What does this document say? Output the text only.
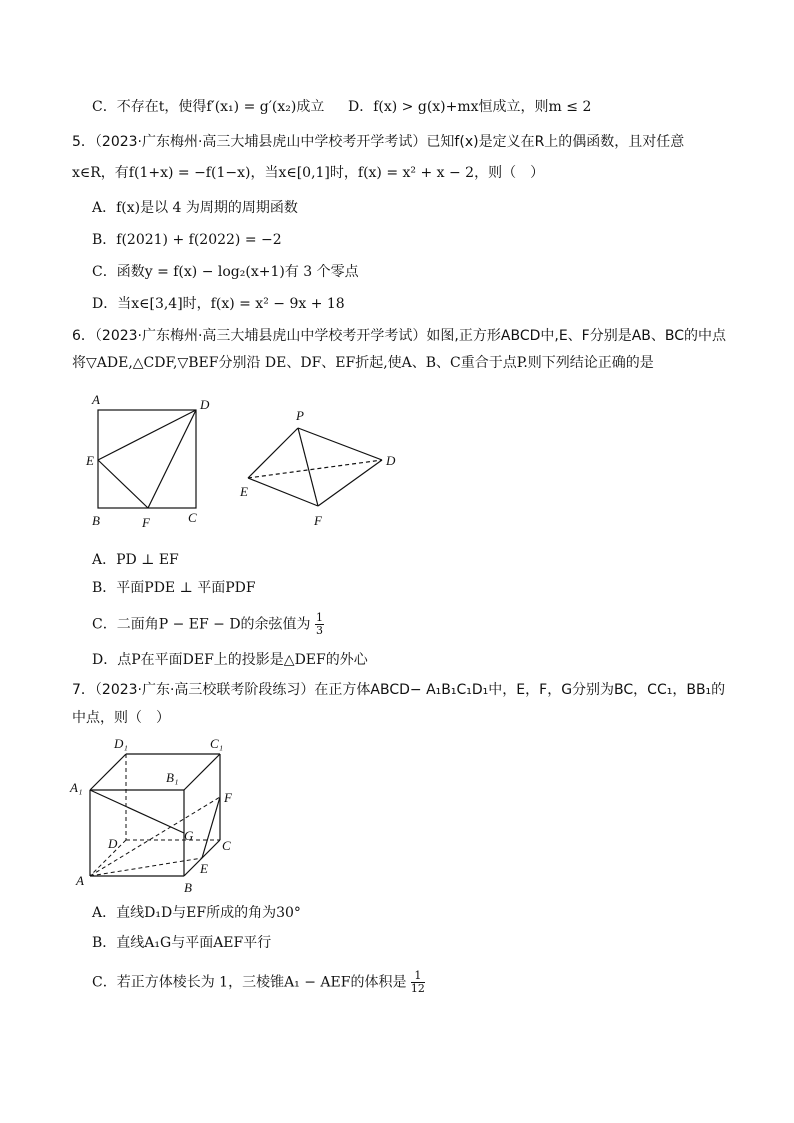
C．不存在t，使得f′(x₁) = g′(x₂)成立 D．f(x) > g(x)+mx恒成立，则m ≤ 2
5．（2023·广东梅州·高三大埔县虎山中学校考开学考试）已知f(x)是定义在R上的偶函数，且对任意
x∈R，有f(1+x) = −f(1−x)，当x∈[0,1]时，f(x) = x² + x − 2，则（　）
A．f(x)是以 4 为周期的周期函数
B．f(2021) + f(2022) = −2
C．函数y = f(x) − log₂(x+1)有 3 个零点
D．当x∈[3,4]时，f(x) = x² − 9x + 18
6．（2023·广东梅州·高三大埔县虎山中学校考开学考试）如图,正方形ABCD中,E、F分别是AB、BC的中点
将▽ADE,△CDF,▽BEF分别沿 DE、DF、EF折起,使A、B、C重合于点P.则下列结论正确的是
A	D
E
B	F	C
P
D
E
F
A．PD ⊥ EF
B．平面PDE ⊥ 平面PDF
C．二面角P − EF − D的余弦值为 $\frac{1}{3}$
D．点P在平面DEF上的投影是△DEF的外心
7．（2023·广东·高三校联考阶段练习）在正方体ABCD− A₁B₁C₁D₁中，E，F，G分别为BC，CC₁，BB₁的
中点，则（　）
D₁	C₁
A₁
B₁
F
G
D	C
E
A	B
A．直线D₁D与EF所成的角为30°
B．直线A₁G与平面AEF平行
C．若正方体棱长为 1，三棱锥A₁ − AEF的体积是 $\frac{1}{12}$
